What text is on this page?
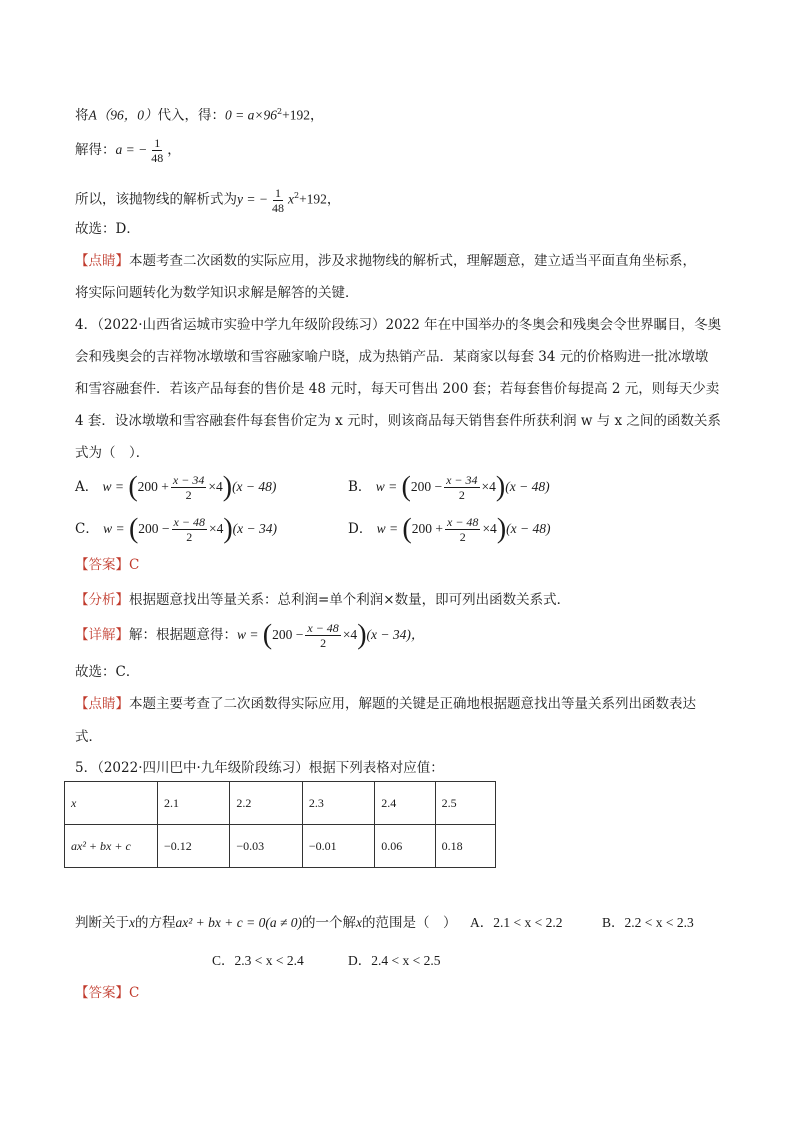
将A（96，0）代入，得：$0 = a\times 96^2+192$，
解得：a = − $\frac{1}{48}$ ，
所以，该抛物线的解析式为y = − $\frac{1}{48} x^2+192$，
故选：D．
【点睛】本题考查二次函数的实际应用，涉及求抛物线的解析式，理解题意，建立适当平面直角坐标系，
将实际问题转化为数学知识求解是解答的关键．
4．（2022·山西省运城市实验中学九年级阶段练习）2022 年在中国举办的冬奥会和残奥会令世界瞩目，冬奥
会和残奥会的吉祥物冰墩墩和雪容融家喻户晓，成为热销产品．某商家以每套 34 元的价格购进一批冰墩墩
和雪容融套件．若该产品每套的售价是 48 元时，每天可售出 200 套；若每套售价每提高 2 元，则每天少卖
4 套．设冰墩墩和雪容融套件每套售价定为 x 元时，则该商品每天销售套件所获利润 w 与 x 之间的函数关系
式为（　）．
A． $w = (200 + \frac{x - 34}{2} \times 4)(x - 48)$	B． $w = (200 - \frac{x - 34}{2} \times 4)(x - 48)$
C． $w = (200 - \frac{x - 48}{2} \times 4)(x - 34)$	D． $w = (200 + \frac{x - 48}{2} \times 4)(x - 48)$
【答案】C
【分析】根据题意找出等量关系：总利润=单个利润×数量，即可列出函数关系式．
【详解】解：根据题意得：$w = (200 - \frac{x - 48}{2} \times 4)(x - 34)$，
故选：C．
【点睛】本题主要考查了二次函数得实际应用，解题的关键是正确地根据题意找出等量关系列出函数表达
式．
5．（2022·四川巴中·九年级阶段练习）根据下列表格对应值：
x	2.1	2.2	2.3	2.4	2.5
ax² + bx + c	−0.12	−0.03	−0.01	0.06	0.18
判断关于x的方程ax² + bx + c = 0(a ≠ 0)的一个解x的范围是（　） A．2.1 < x < 2.2	B．2.2 < x < 2.3
C．2.3 < x < 2.4	D．2.4 < x < 2.5
【答案】C
